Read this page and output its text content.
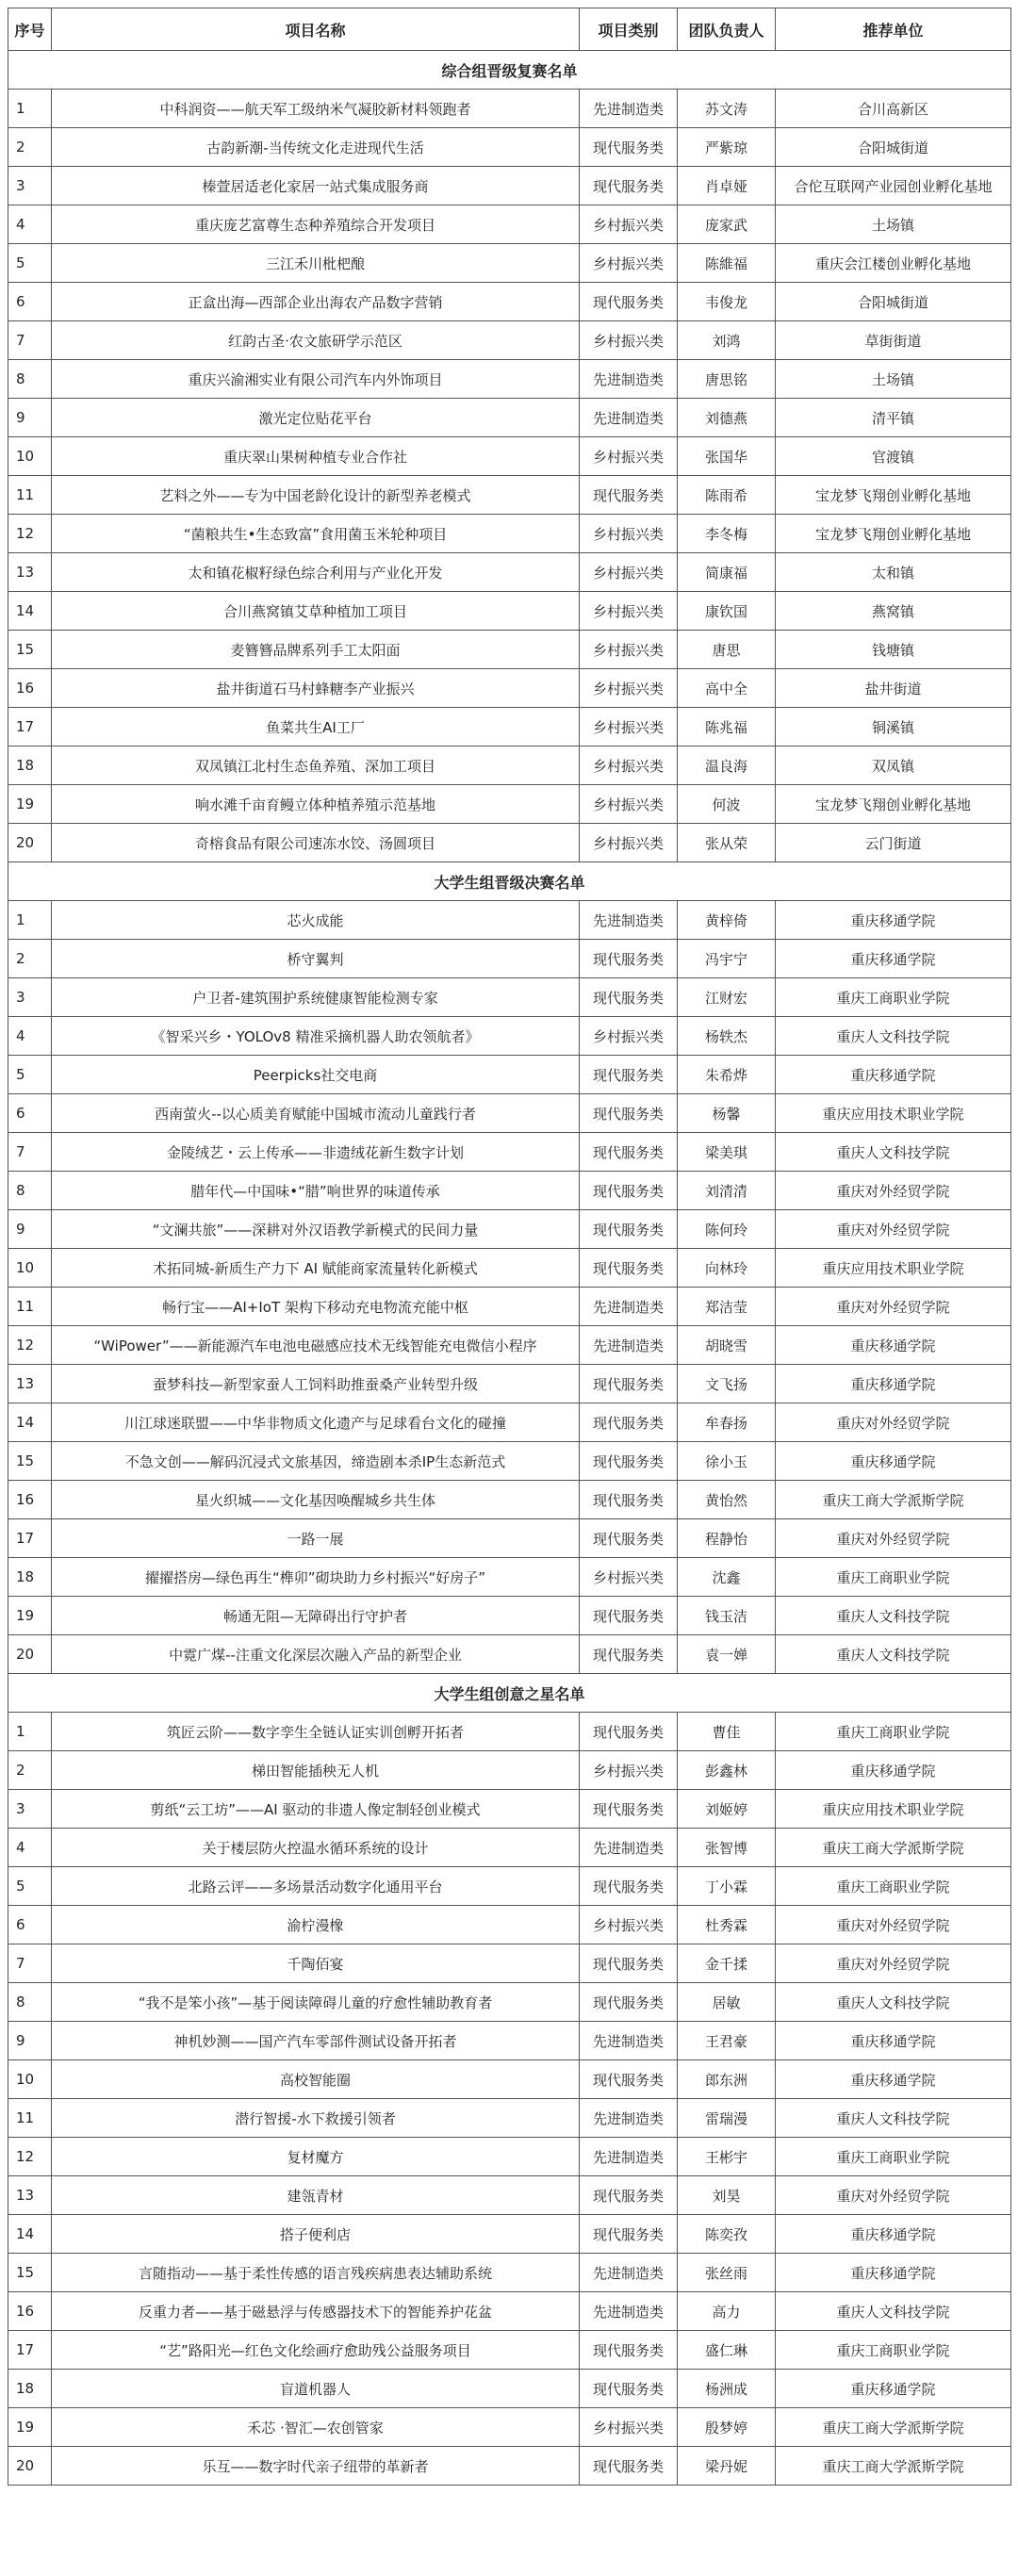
序号	项目名称	项目类别	团队负责人	推荐单位
综合组晋级复赛名单				
1	中科润资——航天军工级纳米气凝胶新材料领跑者	先进制造类	苏文涛	合川高新区
2	古韵新潮-当传统文化走进现代生活	现代服务类	严紫琼	合阳城街道
3	榛萱居适老化家居一站式集成服务商	现代服务类	肖卓娅	合佗互联网产业园创业孵化基地
4	重庆庞艺富尊生态种养殖综合开发项目	乡村振兴类	庞家武	土场镇
5	三江禾川枇杷酿	乡村振兴类	陈維福	重庆会江楼创业孵化基地
6	正盒出海—西部企业出海农产品数字营销	现代服务类	韦俊龙	合阳城街道
7	红韵古圣·农文旅研学示范区	乡村振兴类	刘鸿	草街街道
8	重庆兴渝湘实业有限公司汽车内外饰项目	先进制造类	唐思铭	土场镇
9	激光定位贴花平台	先进制造类	刘德燕	清平镇
10	重庆翠山果树种植专业合作社	乡村振兴类	张国华	官渡镇
11	艺料之外——专为中国老龄化设计的新型养老模式	现代服务类	陈雨希	宝龙梦飞翔创业孵化基地
12	“菌粮共生•生态致富”食用菌玉米轮种项目	乡村振兴类	李冬梅	宝龙梦飞翔创业孵化基地
13	太和镇花椒籽绿色综合利用与产业化开发	乡村振兴类	简康福	太和镇
14	合川燕窝镇艾草种植加工项目	乡村振兴类	康钦国	燕窝镇
15	麦簪簪品牌系列手工太阳面	乡村振兴类	唐思	钱塘镇
16	盐井街道石马村蜂糖李产业振兴	乡村振兴类	高中全	盐井街道
17	鱼菜共生AI工厂	乡村振兴类	陈兆福	铜溪镇
18	双凤镇江北村生态鱼养殖、深加工项目	乡村振兴类	温良海	双凤镇
19	响水滩千亩育鳗立体种植养殖示范基地	乡村振兴类	何波	宝龙梦飞翔创业孵化基地
20	奇榕食品有限公司速冻水饺、汤圆项目	乡村振兴类	张从荣	云门街道
大学生组晋级决赛名单				
1	芯火成能	先进制造类	黄梓倚	重庆移通学院
2	桥守翼判	现代服务类	冯宇宁	重庆移通学院
3	户卫者-建筑围护系统健康智能检测专家	现代服务类	江财宏	重庆工商职业学院
4	《智采兴乡・YOLOv8 精准采摘机器人助农领航者》	乡村振兴类	杨轶杰	重庆人文科技学院
5	Peerpicks社交电商	现代服务类	朱希烨	重庆移通学院
6	西南萤火--以心质美育赋能中国城市流动儿童践行者	现代服务类	杨馨	重庆应用技术职业学院
7	金陵绒艺・云上传承——非遗绒花新生数字计划	现代服务类	梁美琪	重庆人文科技学院
8	腊年代—中国味•“腊”响世界的味道传承	现代服务类	刘清清	重庆对外经贸学院
9	“文澜共旅”——深耕对外汉语教学新模式的民间力量	现代服务类	陈何玲	重庆对外经贸学院
10	术拓同城-新质生产力下 AI 赋能商家流量转化新模式	现代服务类	向林玲	重庆应用技术职业学院
11	畅行宝——AI+IoT 架构下移动充电物流充能中枢	先进制造类	郑洁莹	重庆对外经贸学院
12	“WiPower”——新能源汽车电池电磁感应技术无线智能充电微信小程序	先进制造类	胡晓雪	重庆移通学院
13	蚕梦科技—新型家蚕人工饲料助推蚕桑产业转型升级	现代服务类	文飞扬	重庆移通学院
14	川江球迷联盟——中华非物质文化遗产与足球看台文化的碰撞	现代服务类	牟春扬	重庆对外经贸学院
15	不急文创——解码沉浸式文旅基因，缔造剧本杀IP生态新范式	现代服务类	徐小玉	重庆移通学院
16	星火织城——文化基因唤醒城乡共生体	现代服务类	黄怡然	重庆工商大学派斯学院
17	一路一展	现代服务类	程静怡	重庆对外经贸学院
18	擢擢搭房—绿色再生“榫卯”砌块助力乡村振兴“好房子”	乡村振兴类	沈鑫	重庆工商职业学院
19	畅通无阻—无障碍出行守护者	现代服务类	钱玉洁	重庆人文科技学院
20	中霓广煤--注重文化深层次融入产品的新型企业	现代服务类	袁一婵	重庆人文科技学院
大学生组创意之星名单				
1	筑匠云阶——数字孪生全链认证实训创孵开拓者	现代服务类	曹佳	重庆工商职业学院
2	梯田智能插秧无人机	乡村振兴类	彭鑫林	重庆移通学院
3	剪纸“云工坊”——AI 驱动的非遗人像定制轻创业模式	现代服务类	刘姬婷	重庆应用技术职业学院
4	关于楼层防火控温水循环系统的设计	先进制造类	张智博	重庆工商大学派斯学院
5	北路云评——多场景活动数字化通用平台	现代服务类	丁小霖	重庆工商职业学院
6	渝柠漫橡	乡村振兴类	杜秀霖	重庆对外经贸学院
7	千陶佰宴	现代服务类	金千揉	重庆对外经贸学院
8	“我不是笨小孩”—基于阅读障碍儿童的疗愈性辅助教育者	现代服务类	居敏	重庆人文科技学院
9	神机妙测——国产汽车零部件测试设备开拓者	先进制造类	王君豪	重庆移通学院
10	高校智能圈	现代服务类	郎东洲	重庆移通学院
11	潜行智援-水下救援引领者	先进制造类	雷瑞漫	重庆人文科技学院
12	复材魔方	先进制造类	王彬宇	重庆工商职业学院
13	建瓴青材	现代服务类	刘昊	重庆对外经贸学院
14	搭子便利店	现代服务类	陈奕孜	重庆移通学院
15	言随指动——基于柔性传感的语言残疾病患表达辅助系统	先进制造类	张丝雨	重庆移通学院
16	反重力者——基于磁悬浮与传感器技术下的智能养护花盆	先进制造类	高力	重庆人文科技学院
17	“艺”路阳光—红色文化绘画疗愈助残公益服务项目	现代服务类	盛仁琳	重庆工商职业学院
18	盲道机器人	现代服务类	杨洲成	重庆移通学院
19	禾芯 ·智汇—农创管家	乡村振兴类	殷梦婷	重庆工商大学派斯学院
20	乐互——数字时代亲子纽带的革新者	现代服务类	梁丹妮	重庆工商大学派斯学院
